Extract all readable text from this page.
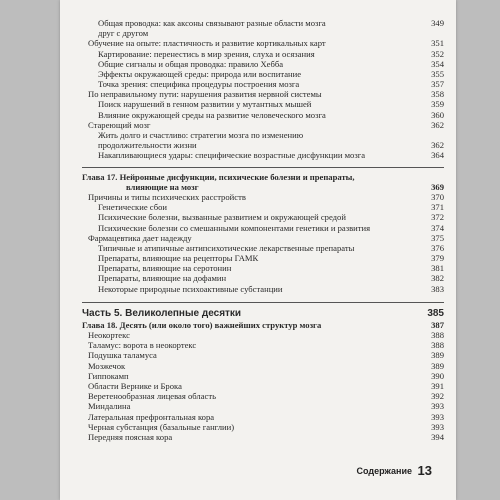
Общая проводка: как аксоны связывают разные области мозга	349
друг с другом
Обучение на опыте: пластичность и развитие кортикальных карт	351
Картирование: перенестись в мир зрения, слуха и осязания	352
Общие сигналы и общая проводка: правило Хебба	354
Эффекты окружающей среды: природа или воспитание	355
Точка зрения: специфика процедуры построения мозга	357
По неправильному пути: нарушения развития нервной системы	358
Поиск нарушений в генном развитии у мутантных мышей	359
Влияние окружающей среды на развитие человеческого мозга	360
Стареющий мозг	362
Жить долго и счастливо: стратегии мозга по изменению
продолжительности жизни	362
Накапливающиеся удары: специфические возрастные дисфункции мозга	364
Глава 17. Нейронные дисфункции, психические болезни и препараты,
влияющие на мозг	369
Причины и типы психических расстройств	370
Генетические сбои	371
Психические болезни, вызванные развитием и окружающей средой	372
Психические болезни со смешанными компонентами генетики и развития	374
Фармацевтика дает надежду	375
Типичные и атипичные антипсихотические лекарственные препараты	376
Препараты, влияющие на рецепторы ГАМК	379
Препараты, влияющие на серотонин	381
Препараты, влияющие на дофамин	382
Некоторые природные психоактивные субстанции	383
Часть 5. Великолепные десятки	385
Глава 18. Десять (или около того) важнейших структур мозга	387
Неокортекс	388
Таламус: ворота в неокортекс	388
Подушка таламуса	389
Мозжечок	389
Гиппокамп	390
Области Вернике и Брока	391
Веретенообразная лицевая область	392
Миндалина	393
Латеральная префронтальная кора	393
Черная субстанция (базальные ганглии)	393
Передняя поясная кора	394
Содержание 13
